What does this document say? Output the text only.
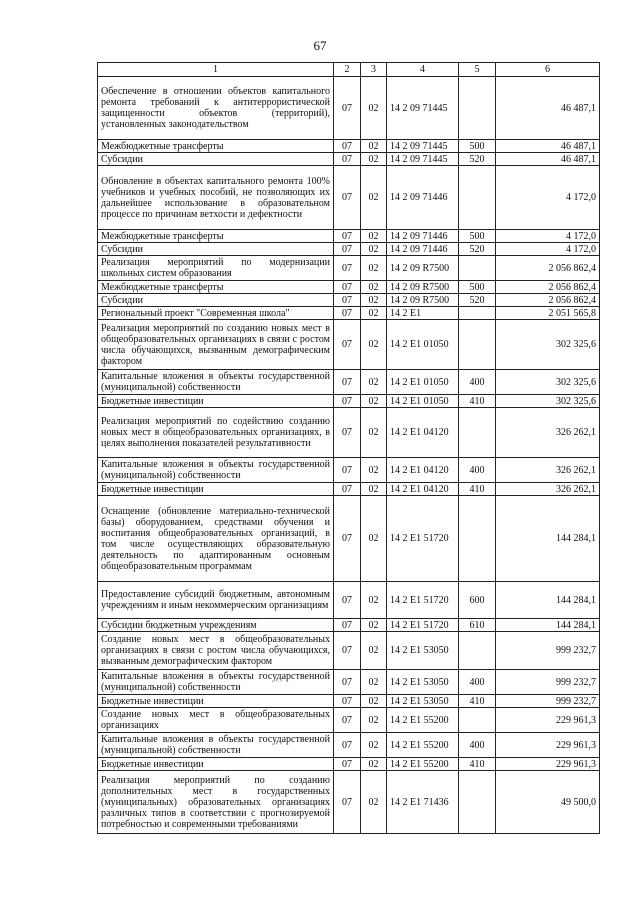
67
1	2	3	4	5	6
Обеспечение в отношении объектов капитального ремонта требований к антитеррористической защищенности объектов (территорий), установленных законодательством	07	02	14 2 09 71445		46 487,1
Межбюджетные трансферты	07	02	14 2 09 71445	500	46 487,1
Субсидии	07	02	14 2 09 71445	520	46 487,1
Обновление в объектах капитального ремонта 100% учебников и учебных пособий, не позволяющих их дальнейшее использование в образовательном процессе по причинам ветхости и дефектности	07	02	14 2 09 71446		4 172,0
Межбюджетные трансферты	07	02	14 2 09 71446	500	4 172,0
Субсидии	07	02	14 2 09 71446	520	4 172,0
Реализация мероприятий по модернизации школьных систем образования	07	02	14 2 09 R7500		2 056 862,4
Межбюджетные трансферты	07	02	14 2 09 R7500	500	2 056 862,4
Субсидии	07	02	14 2 09 R7500	520	2 056 862,4
Региональный проект "Современная школа"	07	02	14 2 E1		2 051 565,8
Реализация мероприятий по созданию новых мест в общеобразовательных организациях в связи с ростом числа обучающихся, вызванным демографическим фактором	07	02	14 2 E1 01050		302 325,6
Капитальные вложения в объекты государственной (муниципальной) собственности	07	02	14 2 E1 01050	400	302 325,6
Бюджетные инвестиции	07	02	14 2 E1 01050	410	302 325,6
Реализация мероприятий по содействию созданию новых мест в общеобразовательных организациях, в целях выполнения показателей результативности	07	02	14 2 E1 04120		326 262,1
Капитальные вложения в объекты государственной (муниципальной) собственности	07	02	14 2 E1 04120	400	326 262,1
Бюджетные инвестиции	07	02	14 2 E1 04120	410	326 262,1
Оснащение (обновление материально-технической базы) оборудованием, средствами обучения и воспитания общеобразовательных организаций, в том числе осуществляющих образовательную деятельность по адаптированным основным общеобразовательным программам	07	02	14 2 E1 51720		144 284,1
Предоставление субсидий бюджетным, автономным учреждениям и иным некоммерческим организациям	07	02	14 2 E1 51720	600	144 284,1
Субсидии бюджетным учреждениям	07	02	14 2 E1 51720	610	144 284,1
Создание новых мест в общеобразовательных организациях в связи с ростом числа обучающихся, вызванным демографическим фактором	07	02	14 2 E1 53050		999 232,7
Капитальные вложения в объекты государственной (муниципальной) собственности	07	02	14 2 E1 53050	400	999 232,7
Бюджетные инвестиции	07	02	14 2 E1 53050	410	999 232,7
Создание новых мест в общеобразовательных организациях	07	02	14 2 E1 55200		229 961,3
Капитальные вложения в объекты государственной (муниципальной) собственности	07	02	14 2 E1 55200	400	229 961,3
Бюджетные инвестиции	07	02	14 2 E1 55200	410	229 961,3
Реализация мероприятий по созданию дополнительных мест в государственных (муниципальных) образовательных организациях различных типов в соответствии с прогнозируемой потребностью и современными требованиями	07	02	14 2 E1 71436		49 500,0
